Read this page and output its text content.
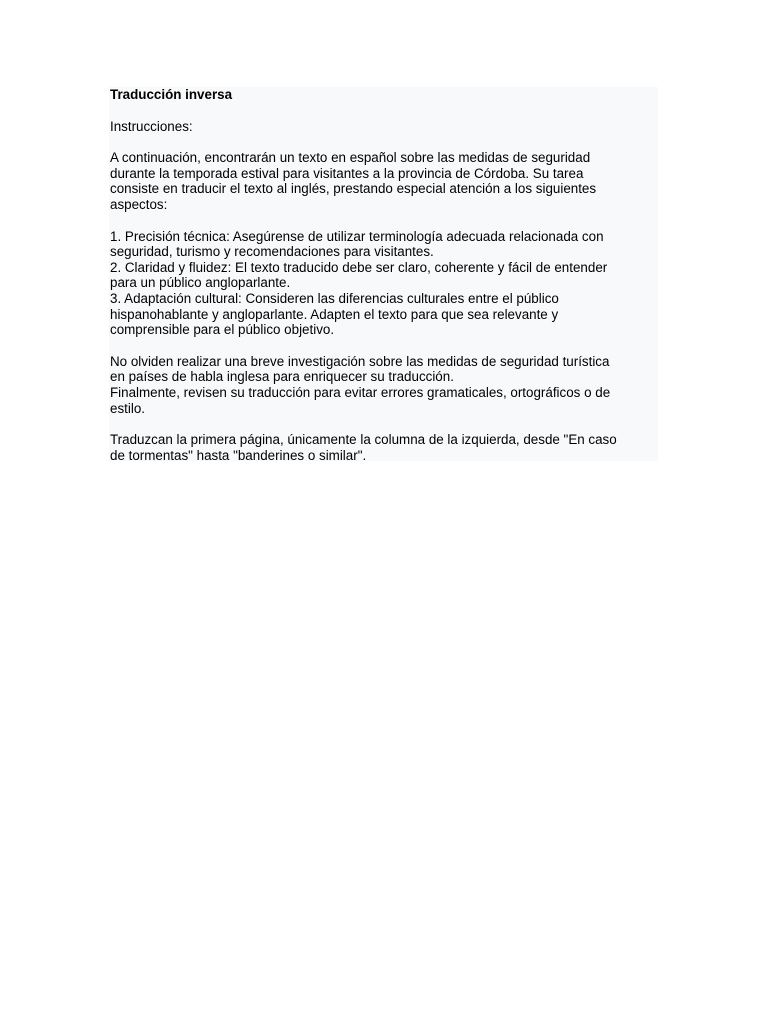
Traducción inversa

Instrucciones:

A continuación, encontrarán un texto en español sobre las medidas de seguridad
durante la temporada estival para visitantes a la provincia de Córdoba. Su tarea
consiste en traducir el texto al inglés, prestando especial atención a los siguientes
aspectos:

1. Precisión técnica: Asegúrense de utilizar terminología adecuada relacionada con
seguridad, turismo y recomendaciones para visitantes.
2. Claridad y fluidez: El texto traducido debe ser claro, coherente y fácil de entender
para un público angloparlante.
3. Adaptación cultural: Consideren las diferencias culturales entre el público
hispanohablante y angloparlante. Adapten el texto para que sea relevante y
comprensible para el público objetivo.

No olviden realizar una breve investigación sobre las medidas de seguridad turística
en países de habla inglesa para enriquecer su traducción.
Finalmente, revisen su traducción para evitar errores gramaticales, ortográficos o de
estilo.

Traduzcan la primera página, únicamente la columna de la izquierda, desde "En caso
de tormentas" hasta "banderines o similar".
